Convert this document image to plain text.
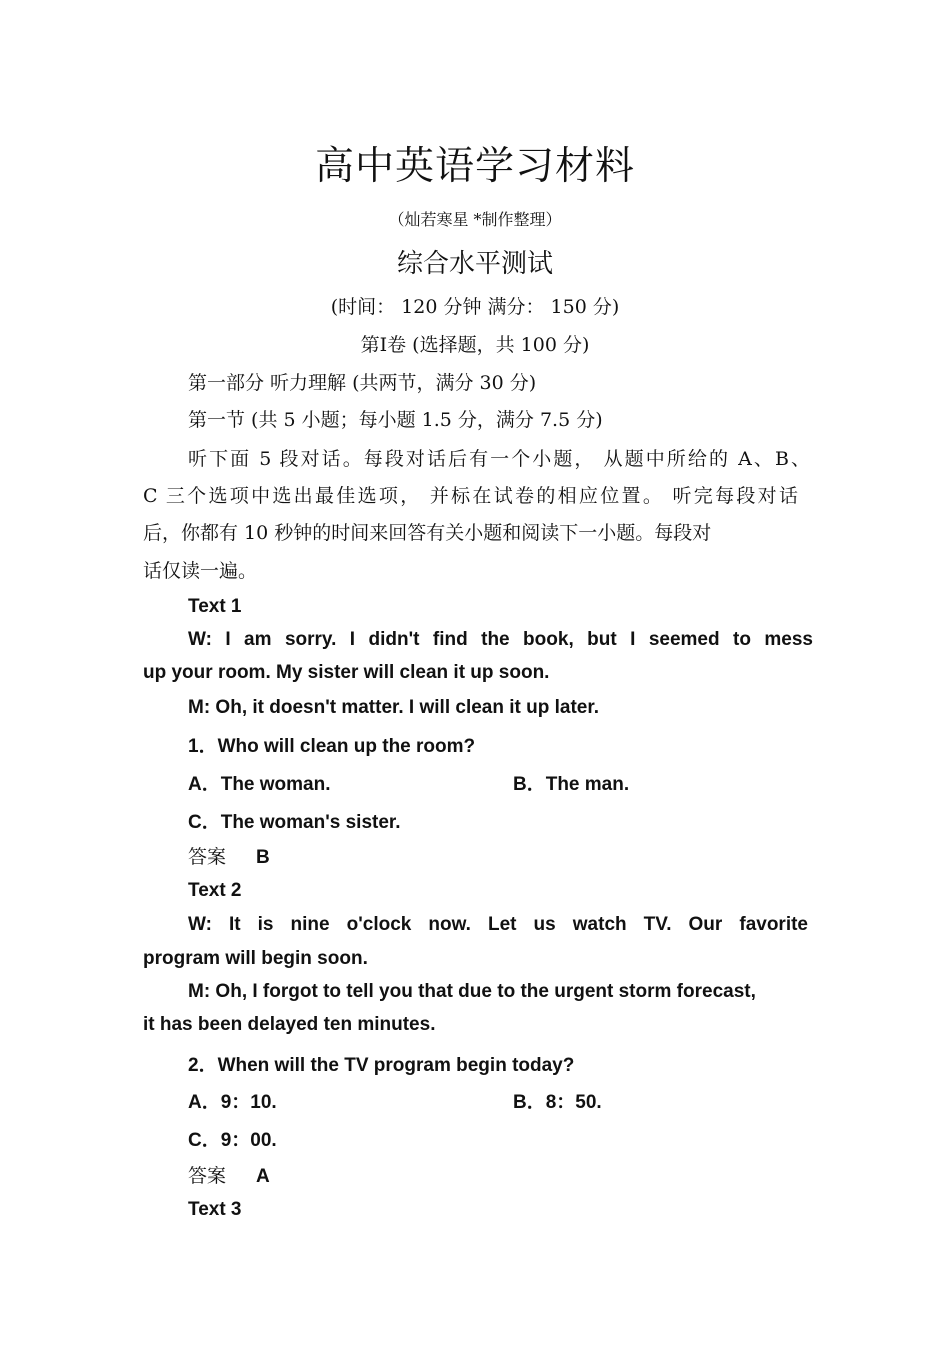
高中英语学习材料
（灿若寒星 *制作整理）
综合水平测试
(时间： 120 分钟 满分： 150 分)
第Ⅰ卷 (选择题，共 100 分)
第一部分 听力理解 (共两节，满分 30 分)
第一节 (共 5 小题；每小题 1.5 分，满分 7.5 分)
听下面 5 段对话。每段对话后有一个小题， 从题中所给的 A、B、
C 三个选项中选出最佳选项， 并标在试卷的相应位置。 听完每段对话
后，你都有 10 秒钟的时间来回答有关小题和阅读下一小题。每段对
话仅读一遍。
Text 1
W: I am sorry. I didn't find the book, but I seemed to mess
up your room. My sister will clean it up soon.
M: Oh, it doesn't matter. I will clean it up later.
1．Who will clean up the room?
A．The woman.	B．The man.
C．The woman's sister.
答案 B
Text 2
W: It is nine o'clock now. Let us watch TV. Our favorite
program will begin soon.
M: Oh, I forgot to tell you that due to the urgent storm forecast,
it has been delayed ten minutes.
2．When will the TV program begin today?
A．9：10.	B．8：50.
C．9：00.
答案 A
Text 3
